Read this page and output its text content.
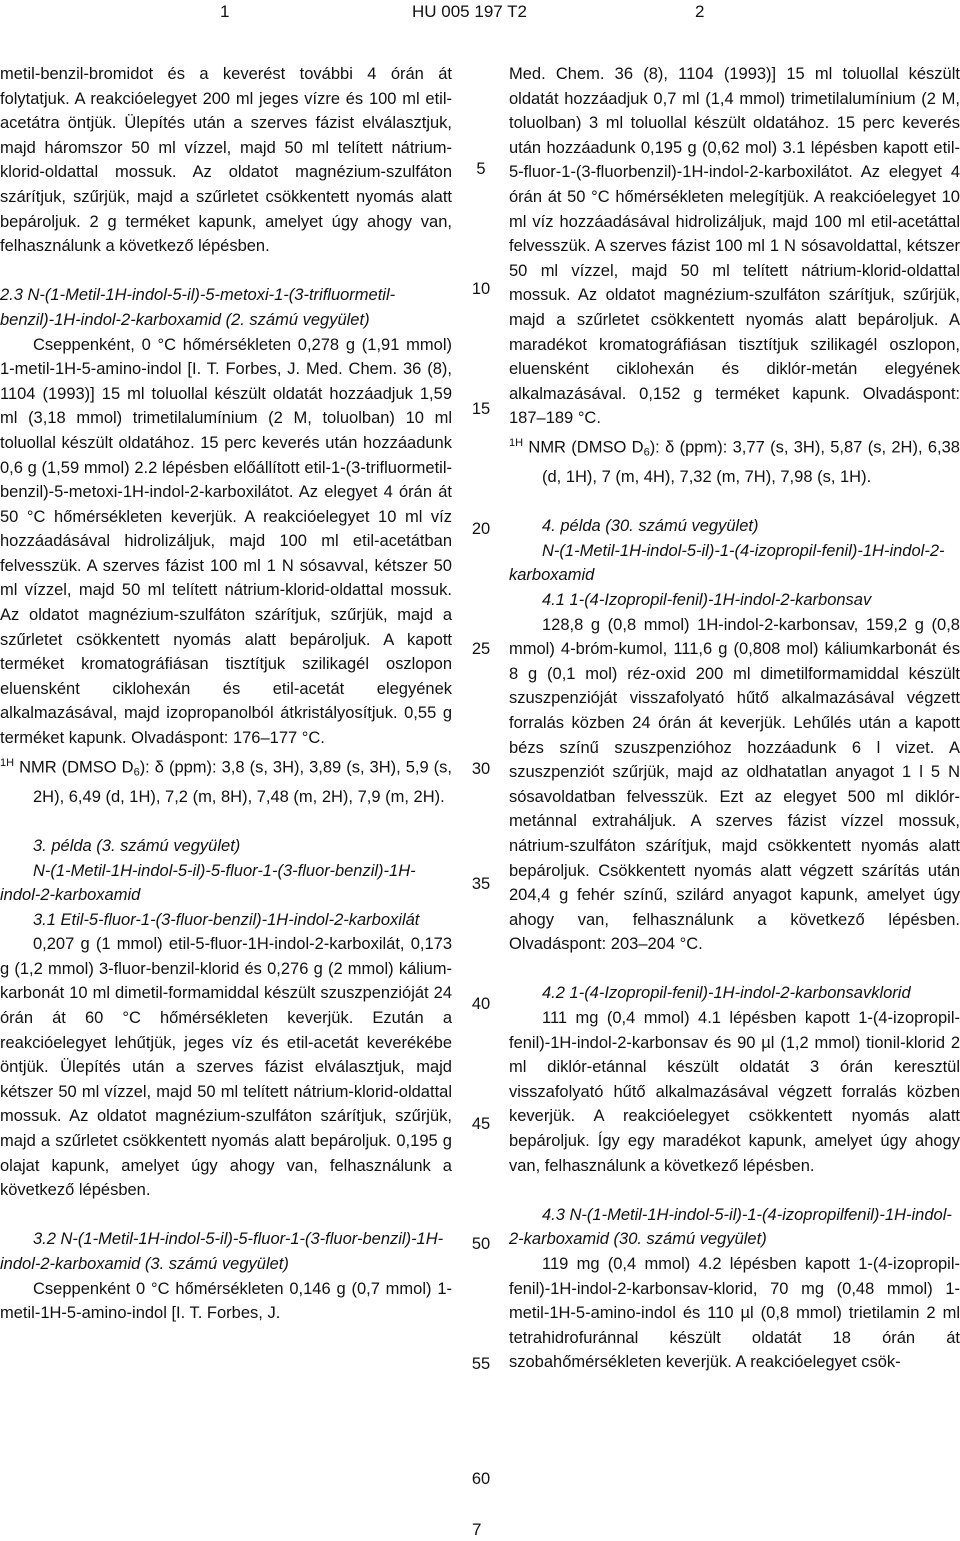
1	HU 005 197 T2	2

metil-benzil-bromidot és a keverést további 4 órán át folytatjuk. A reakcióelegyet 200 ml jeges vízre és 100 ml etil-acetátra öntjük. Ülepítés után a szerves fázist elválasztjuk, majd háromszor 50 ml vízzel, majd 50 ml telített nátrium-klorid-oldattal mossuk. Az oldatot magnézium-szulfáton szárítjuk, szűrjük, majd a szűrletet csökkentett nyomás alatt bepároljuk. 2 g terméket kapunk, amelyet úgy ahogy van, felhasználunk a következő lépésben.

2.3 N-(1-Metil-1H-indol-5-il)-5-metoxi-1-(3-trifluormetil-benzil)-1H-indol-2-karboxamid (2. számú vegyület)

Cseppenként, 0 °C hőmérsékleten 0,278 g (1,91 mmol) 1-metil-1H-5-amino-indol [I. T. Forbes, J. Med. Chem. 36 (8), 1104 (1993)] 15 ml toluollal készült oldatát hozzáadjuk 1,59 ml (3,18 mmol) trimetilalumínium (2 M, toluolban) 10 ml toluollal készült oldatához. 15 perc keverés után hozzáadunk 0,6 g (1,59 mmol) 2.2 lépésben előállított etil-1-(3-trifluormetil-benzil)-5-metoxi-1H-indol-2-karboxilátot. Az elegyet 4 órán át 50 °C hőmérsékleten keverjük. A reakcióelegyet 10 ml víz hozzáadásával hidrolizáljuk, majd 100 ml etil-acetátban felvesszük. A szerves fázist 100 ml 1 N sósavval, kétszer 50 ml vízzel, majd 50 ml telített nátrium-klorid-oldattal mossuk. Az oldatot magnézium-szulfáton szárítjuk, szűrjük, majd a szűrletet csökkentett nyomás alatt bepároljuk. A kapott terméket kromatográfiásan tisztítjuk szilikagél oszlopon eluensként ciklohexán és etil-acetát elegyének alkalmazásával, majd izopropanolból átkristályosítjuk. 0,55 g terméket kapunk. Olvadáspont: 176–177 °C.

$^{1H}$ NMR (DMSO $D_6$): δ (ppm): 3,8 (s, 3H), 3,89 (s, 3H), 5,9 (s, 2H), 6,49 (d, 1H), 7,2 (m, 8H), 7,48 (m, 2H), 7,9 (m, 2H).

3. példa (3. számú vegyület)

N-(1-Metil-1H-indol-5-il)-5-fluor-1-(3-fluor-benzil)-1H-indol-2-karboxamid

3.1 Etil-5-fluor-1-(3-fluor-benzil)-1H-indol-2-karboxilát

0,207 g (1 mmol) etil-5-fluor-1H-indol-2-karboxilát, 0,173 g (1,2 mmol) 3-fluor-benzil-klorid és 0,276 g (2 mmol) kálium-karbonát 10 ml dimetil-formamiddal készült szuszpenzióját 24 órán át 60 °C hőmérsékleten keverjük. Ezután a reakcióelegyet lehűtjük, jeges víz és etil-acetát keverékébe öntjük. Ülepítés után a szerves fázist elválasztjuk, majd kétszer 50 ml vízzel, majd 50 ml telített nátrium-klorid-oldattal mossuk. Az oldatot magnézium-szulfáton szárítjuk, szűrjük, majd a szűrletet csökkentett nyomás alatt bepároljuk. 0,195 g olajat kapunk, amelyet úgy ahogy van, felhasználunk a következő lépésben.

3.2 N-(1-Metil-1H-indol-5-il)-5-fluor-1-(3-fluor-benzil)-1H-indol-2-karboxamid (3. számú vegyület)

Cseppenként 0 °C hőmérsékleten 0,146 g (0,7 mmol) 1-metil-1H-5-amino-indol [I. T. Forbes, J.

Med. Chem. 36 (8), 1104 (1993)] 15 ml toluollal készült oldatát hozzáadjuk 0,7 ml (1,4 mmol) trimetilalumínium (2 M, toluolban) 3 ml toluollal készült oldatához. 15 perc keverés után hozzáadunk 0,195 g (0,62 mol) 3.1 lépésben kapott etil-5-fluor-1-(3-fluorbenzil)-1H-indol-2-karboxilátot. Az elegyet 4 órán át 50 °C hőmérsékleten melegítjük. A reakcióelegyet 10 ml víz hozzáadásával hidrolizáljuk, majd 100 ml etil-acetáttal felvesszük. A szerves fázist 100 ml 1 N sósavoldattal, kétszer 50 ml vízzel, majd 50 ml telített nátrium-klorid-oldattal mossuk. Az oldatot magnézium-szulfáton szárítjuk, szűrjük, majd a szűrletet csökkentett nyomás alatt bepároljuk. A maradékot kromatográfiásan tisztítjuk szilikagél oszlopon, eluensként ciklohexán és diklór-metán elegyének alkalmazásával. 0,152 g terméket kapunk. Olvadáspont: 187–189 °C.

$^{1H}$ NMR (DMSO $D_6$): δ (ppm): 3,77 (s, 3H), 5,87 (s, 2H), 6,38 (d, 1H), 7 (m, 4H), 7,32 (m, 7H), 7,98 (s, 1H).

4. példa (30. számú vegyület)

N-(1-Metil-1H-indol-5-il)-1-(4-izopropil-fenil)-1H-indol-2-karboxamid

4.1 1-(4-Izopropil-fenil)-1H-indol-2-karbonsav

128,8 g (0,8 mmol) 1H-indol-2-karbonsav, 159,2 g (0,8 mmol) 4-bróm-kumol, 111,6 g (0,808 mol) káliumkarbonát és 8 g (0,1 mol) réz-oxid 200 ml dimetilformamiddal készült szuszpenzióját visszafolyató hűtő alkalmazásával végzett forralás közben 24 órán át keverjük. Lehűlés után a kapott bézs színű szuszpenzióhoz hozzáadunk 6 l vizet. A szuszpenziót szűrjük, majd az oldhatatlan anyagot 1 l 5 N sósavoldatban felvesszük. Ezt az elegyet 500 ml diklór-metánnal extraháljuk. A szerves fázist vízzel mossuk, nátrium-szulfáton szárítjuk, majd csökkentett nyomás alatt bepároljuk. Csökkentett nyomás alatt végzett szárítás után 204,4 g fehér színű, szilárd anyagot kapunk, amelyet úgy ahogy van, felhasználunk a következő lépésben. Olvadáspont: 203–204 °C.

4.2 1-(4-Izopropil-fenil)-1H-indol-2-karbonsavklorid

111 mg (0,4 mmol) 4.1 lépésben kapott 1-(4-izopropil-fenil)-1H-indol-2-karbonsav és 90 µl (1,2 mmol) tionil-klorid 2 ml diklór-etánnal készült oldatát 3 órán keresztül visszafolyató hűtő alkalmazásával végzett forralás közben keverjük. A reakcióelegyet csökkentett nyomás alatt bepároljuk. Így egy maradékot kapunk, amelyet úgy ahogy van, felhasználunk a következő lépésben.

4.3 N-(1-Metil-1H-indol-5-il)-1-(4-izopropilfenil)-1H-indol-2-karboxamid (30. számú vegyület)

119 mg (0,4 mmol) 4.2 lépésben kapott 1-(4-izopropil-fenil)-1H-indol-2-karbonsav-klorid, 70 mg (0,48 mmol) 1-metil-1H-5-amino-indol és 110 µl (0,8 mmol) trietilamin 2 ml tetrahidrofuránnal készült oldatát 18 órán át szobahőmérsékleten keverjük. A reakcióelegyet csök-

5
10
15
20
25
30
35
40
45
50
55
60
7
